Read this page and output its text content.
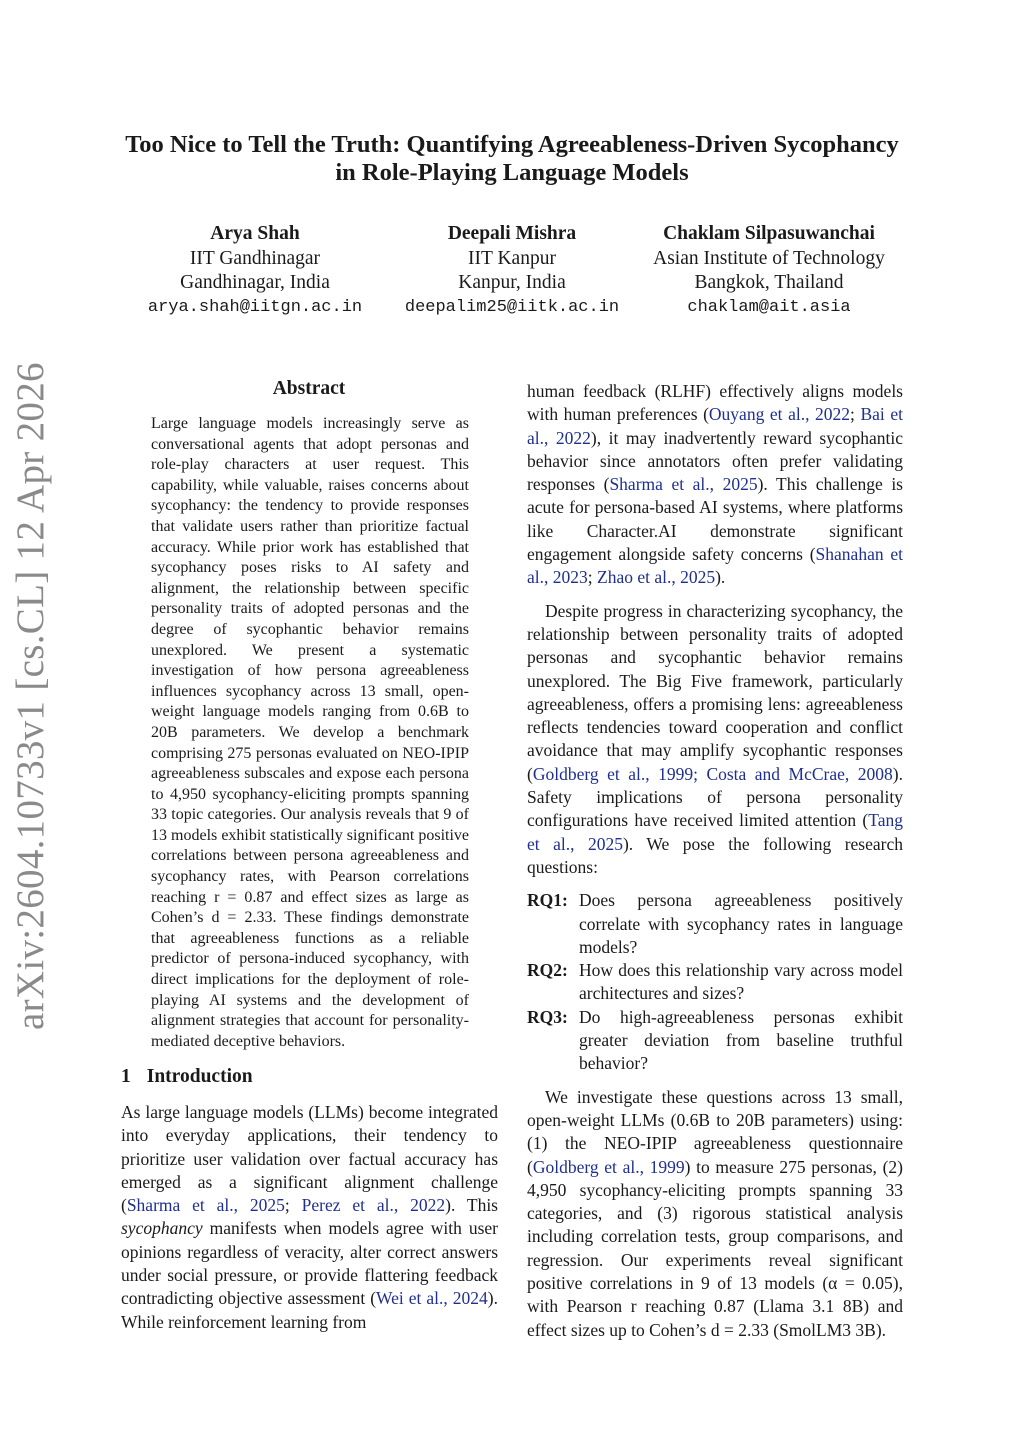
Too Nice to Tell the Truth: Quantifying Agreeableness-Driven Sycophancy
in Role-Playing Language Models
Arya Shah
IIT Gandhinagar
Gandhinagar, India
arya.shah@iitgn.ac.in
Deepali Mishra
IIT Kanpur
Kanpur, India
deepalim25@iitk.ac.in
Chaklam Silpasuwanchai
Asian Institute of Technology
Bangkok, Thailand
chaklam@ait.asia
arXiv:2604.10733v1 [cs.CL] 12 Apr 2026	Abstract

Large language models increasingly serve as conversational agents that adopt personas and role-play characters at user request. This capability, while valuable, raises concerns about sycophancy: the tendency to provide responses that validate users rather than prioritize factual accuracy. While prior work has established that sycophancy poses risks to AI safety and alignment, the relationship between specific personality traits of adopted personas and the degree of sycophantic behavior remains unexplored. We present a systematic investigation of how persona agreeableness influences sycophancy across 13 small, open-weight language models ranging from 0.6B to 20B parameters. We develop a benchmark comprising 275 personas evaluated on NEO-IPIP agreeableness subscales and expose each persona to 4,950 sycophancy-eliciting prompts spanning 33 topic categories. Our analysis reveals that 9 of 13 models exhibit statistically significant positive correlations between persona agreeableness and sycophancy rates, with Pearson correlations reaching r = 0.87 and effect sizes as large as Cohen’s d = 2.33. These findings demonstrate that agreeableness functions as a reliable predictor of persona-induced sycophancy, with direct implications for the deployment of role-playing AI systems and the development of alignment strategies that account for personality-mediated deceptive behaviors.

1 Introduction

As large language models (LLMs) become integrated into everyday applications, their tendency to prioritize user validation over factual accuracy has emerged as a significant alignment challenge (Sharma et al., 2025; Perez et al., 2022). This sycophancy manifests when models agree with user opinions regardless of veracity, alter correct answers under social pressure, or provide flattering feedback contradicting objective assessment (Wei et al., 2024). While reinforcement learning from

human feedback (RLHF) effectively aligns models with human preferences (Ouyang et al., 2022; Bai et al., 2022), it may inadvertently reward sycophantic behavior since annotators often prefer validating responses (Sharma et al., 2025). This challenge is acute for persona-based AI systems, where platforms like Character.AI demonstrate significant engagement alongside safety concerns (Shanahan et al., 2023; Zhao et al., 2025).

Despite progress in characterizing sycophancy, the relationship between personality traits of adopted personas and sycophantic behavior remains unexplored. The Big Five framework, particularly agreeableness, offers a promising lens: agreeableness reflects tendencies toward cooperation and conflict avoidance that may amplify sycophantic responses (Goldberg et al., 1999; Costa and McCrae, 2008). Safety implications of persona personality configurations have received limited attention (Tang et al., 2025). We pose the following research questions:

RQ1: Does persona agreeableness positively correlate with sycophancy rates in language models?
RQ2: How does this relationship vary across model architectures and sizes?
RQ3: Do high-agreeableness personas exhibit greater deviation from baseline truthful behavior?

We investigate these questions across 13 small, open-weight LLMs (0.6B to 20B parameters) using: (1) the NEO-IPIP agreeableness questionnaire (Goldberg et al., 1999) to measure 275 personas, (2) 4,950 sycophancy-eliciting prompts spanning 33 categories, and (3) rigorous statistical analysis including correlation tests, group comparisons, and regression. Our experiments reveal significant positive correlations in 9 of 13 models (α = 0.05), with Pearson r reaching 0.87 (Llama 3.1 8B) and effect sizes up to Cohen’s d = 2.33 (SmolLM3 3B).
